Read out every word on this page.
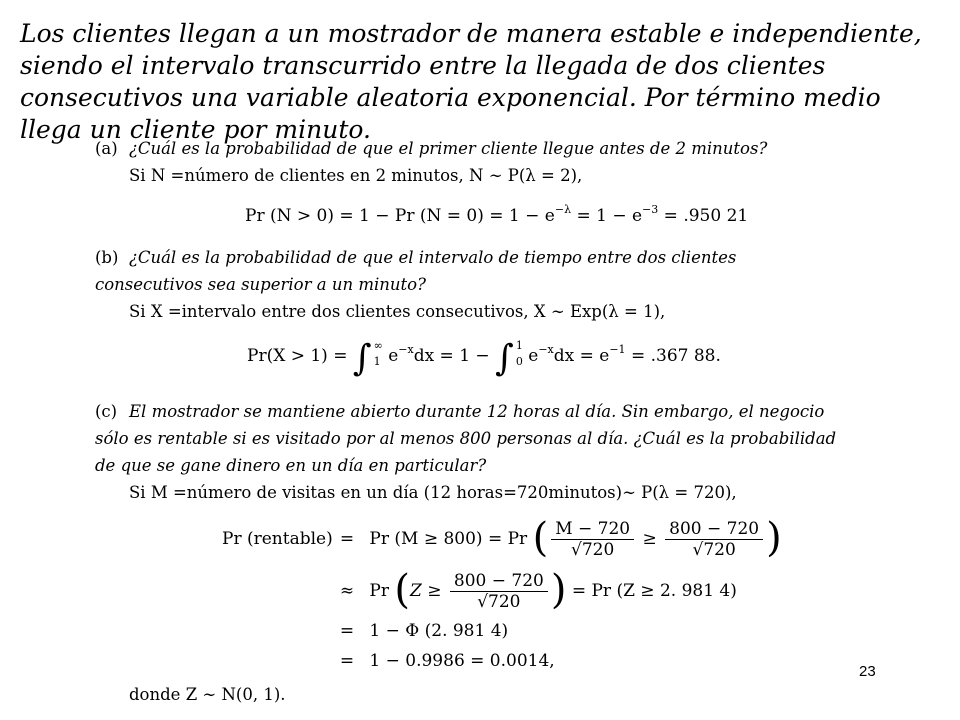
Los clientes llegan a un mostrador de manera estable e independiente, siendo el intervalo transcurrido entre la llegada de dos clientes consecutivos una variable aleatoria exponencial. Por término medio llega un cliente por minuto.
(a) ¿Cuál es la probabilidad de que el primer cliente llegue antes de 2 minutos?
Si N =número de clientes en 2 minutos, N ∼ P(λ = 2),
Pr (N > 0) = 1 − Pr $(N = 0) = 1 - e^{-\lambda} = 1 - e^{-3} = .950$ 21
(b) ¿Cuál es la probabilidad de que el intervalo de tiempo entre dos clientes consecutivos sea superior a un minuto?
Si X =intervalo entre dos clientes consecutivos, X ∼ Exp(λ = 1),
Pr(X > 1) = ∫ ∞
1 $e^{-x}dx = 1$ − ∫ 1
0 $e^{-x}dx = e^{-1} = .367$ 88.
(c) El mostrador se mantiene abierto durante 12 horas al día. Sin embargo, el negocio sólo es rentable si es visitado por al menos 800 personas al día. ¿Cuál es la probabilidad de que se gane dinero en un día en particular?
Si M =número de visitas en un día (12 horas=720minutos)∼ P(λ = 720),
Pr (rentable) = Pr (M ≥ 800) = Pr ( $\frac{M - 720}{√720} \ge \frac{800 - 720}{√720}$ )
≈ Pr ($Z \ge \frac{800 - 720}{√720}$ ) = Pr (Z ≥ 2. 981 4)
= 1 − Φ (2. 981 4)
= 1 − 0.9986 = 0.0014,
23
donde Z ∼ N(0, 1).
